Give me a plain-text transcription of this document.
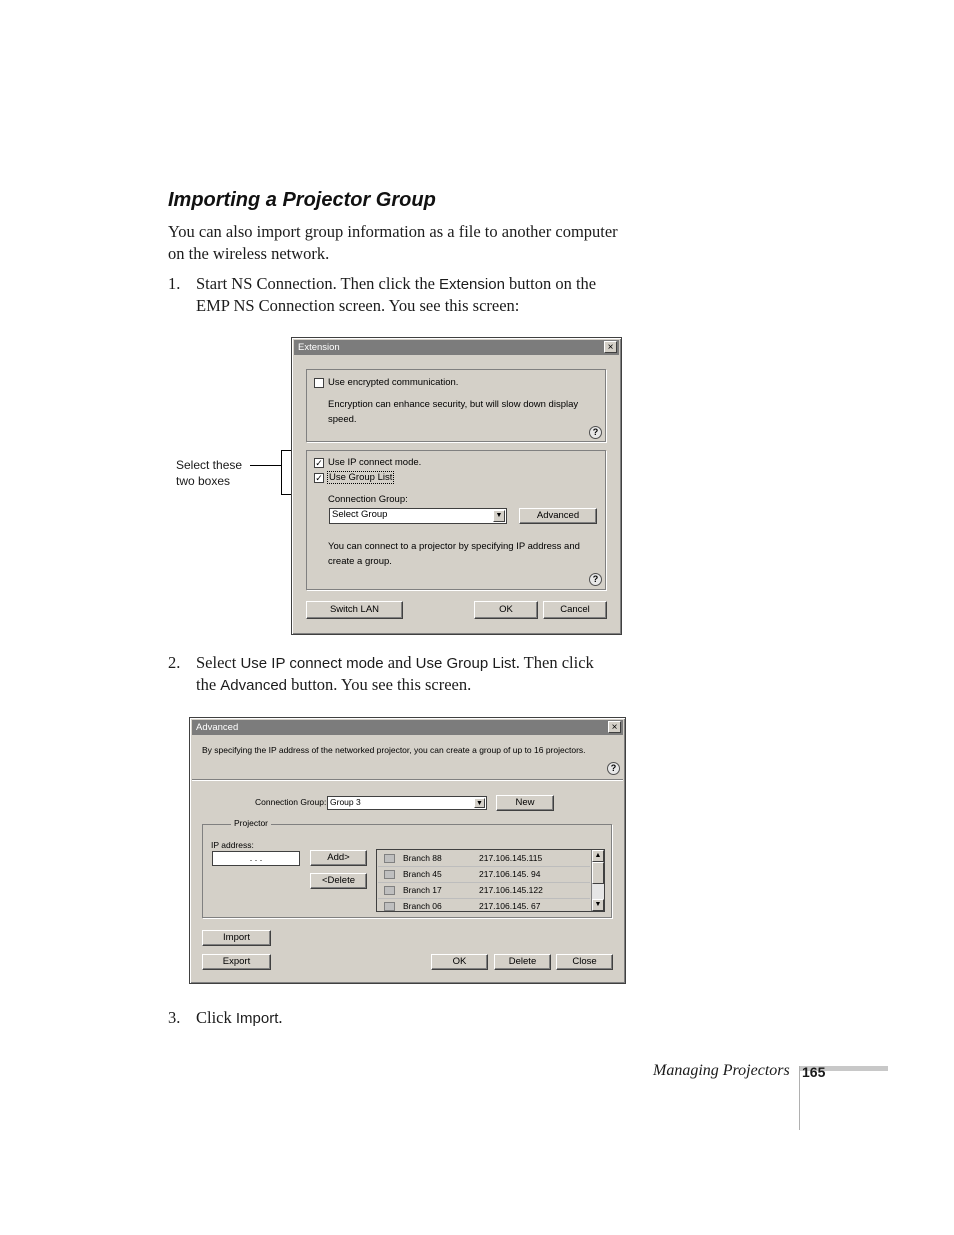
Importing a Projector Group
You can also import group information as a file to another computer on the wireless network.
1. Start NS Connection. Then click the Extension button on the
EMP NS Connection screen. You see this screen:
Select these
two boxes
Extension	×
Use encrypted communication.
Encryption can enhance security, but will slow down display
speed.
?
✓ Use IP connect mode.
✓ Use Group List
Connection Group:
Select Group	▼	Advanced
You can connect to a projector by specifying IP address and
create a group.
?
Switch LAN	OK	Cancel
2. Select Use IP connect mode and Use Group List. Then click
the Advanced button. You see this screen.
Advanced	×
By specifying the IP address of the networked projector, you can create a group of up to 16 projectors.
?
Connection Group: Group 3	▼	New
Projector
IP address:
. . .	Add>
<Delete
Branch 88	217.106.145.115
Branch 45	217.106.145. 94
Branch 17	217.106.145.122
Branch 06	217.106.145. 67
▲
▼
Import
Export	OK	Delete	Close
3. Click Import.
Managing Projectors 165
